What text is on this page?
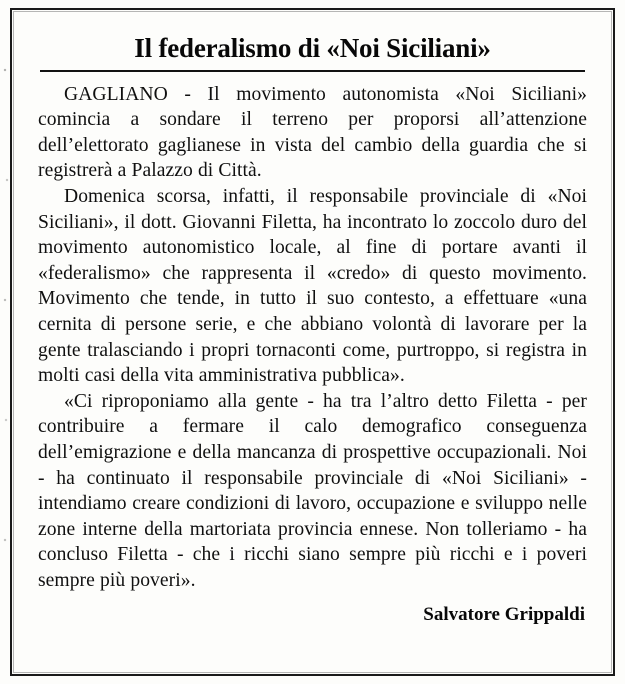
Il federalismo di «Noi Siciliani»

GAGLIANO - Il movimento autonomista «Noi Siciliani» comincia a sondare il terreno per proporsi all’attenzione dell’elettorato gaglianese in vista del cambio della guardia che si registrerà a Palazzo di Città.

Domenica scorsa, infatti, il responsabile provinciale di «Noi Siciliani», il dott. Giovanni Filetta, ha incontrato lo zoccolo duro del movimento autonomistico locale, al fine di portare avanti il «federalismo» che rappresenta il «credo» di questo movimento. Movimento che tende, in tutto il suo contesto, a effettuare «una cernita di persone serie, e che abbiano volontà di lavorare per la gente tralasciando i propri tornaconti come, purtroppo, si registra in molti casi della vita amministrativa pubblica».

«Ci riproponiamo alla gente - ha tra l’altro detto Filetta - per contribuire a fermare il calo demografico conseguenza dell’emigrazione e della mancanza di prospettive occupazionali. Noi - ha continuato il responsabile provinciale di «Noi Siciliani» - intendiamo creare condizioni di lavoro, occupazione e sviluppo nelle zone interne della martoriata provincia ennese. Non tolleriamo - ha concluso Filetta - che i ricchi siano sempre più ricchi e i poveri sempre più poveri».

Salvatore Grippaldi
